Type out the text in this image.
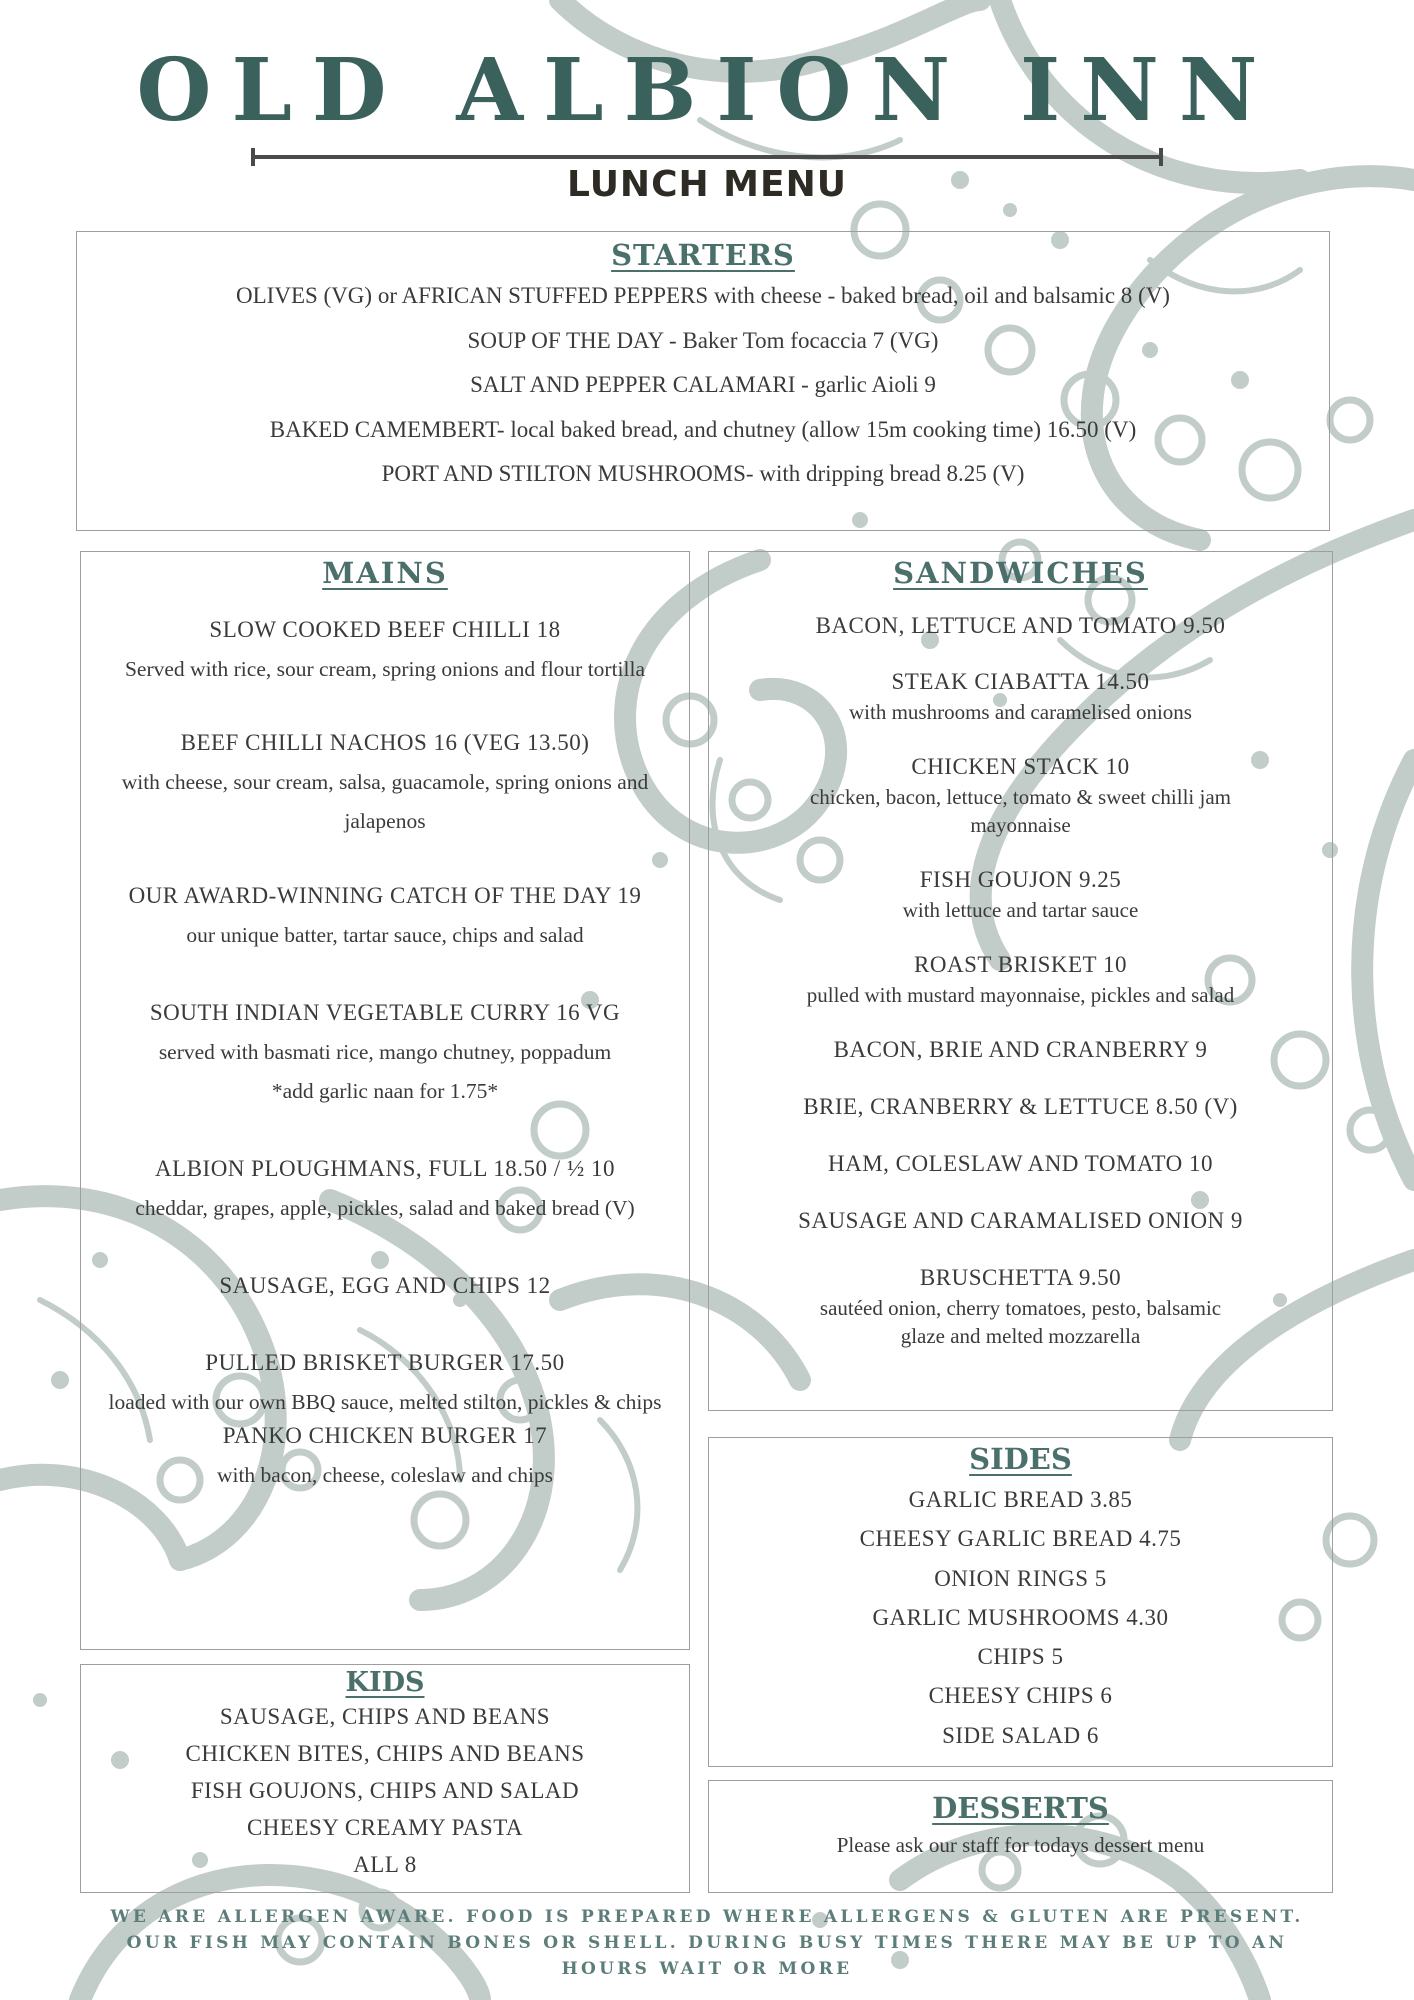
OLD ALBION INN
LUNCH MENU
STARTERS
OLIVES (VG) or AFRICAN STUFFED PEPPERS with cheese - baked bread, oil and balsamic 8 (V)
SOUP OF THE DAY - Baker Tom focaccia 7 (VG)
SALT AND PEPPER CALAMARI - garlic Aioli 9
BAKED CAMEMBERT- local baked bread, and chutney (allow 15m cooking time) 16.50 (V)
PORT AND STILTON MUSHROOMS- with dripping bread 8.25 (V)
MAINS
SLOW COOKED BEEF CHILLI 18
Served with rice, sour cream, spring onions and flour tortilla
BEEF CHILLI NACHOS 16 (VEG 13.50)
with cheese, sour cream, salsa, guacamole, spring onions and jalapenos
OUR AWARD-WINNING CATCH OF THE DAY 19
our unique batter, tartar sauce, chips and salad
SOUTH INDIAN VEGETABLE CURRY 16 VG
served with basmati rice, mango chutney, poppadum
*add garlic naan for 1.75*
ALBION PLOUGHMANS, FULL 18.50 / ½ 10
cheddar, grapes, apple, pickles, salad and baked bread (V)
SAUSAGE, EGG AND CHIPS 12
PULLED BRISKET BURGER 17.50
loaded with our own BBQ sauce, melted stilton, pickles & chips
PANKO CHICKEN BURGER 17
with bacon, cheese, coleslaw and chips
SANDWICHES
BACON, LETTUCE AND TOMATO 9.50
STEAK CIABATTA 14.50
with mushrooms and caramelised onions
CHICKEN STACK 10
chicken, bacon, lettuce, tomato & sweet chilli jam mayonnaise
FISH GOUJON 9.25
with lettuce and tartar sauce
ROAST BRISKET 10
pulled with mustard mayonnaise, pickles and salad
BACON, BRIE AND CRANBERRY 9
BRIE, CRANBERRY & LETTUCE 8.50 (V)
HAM, COLESLAW AND TOMATO 10
SAUSAGE AND CARAMALISED ONION 9
BRUSCHETTA 9.50
sautéed onion, cherry tomatoes, pesto, balsamic glaze and melted mozzarella
KIDS
SAUSAGE, CHIPS AND BEANS
CHICKEN BITES, CHIPS AND BEANS
FISH GOUJONS, CHIPS AND SALAD
CHEESY CREAMY PASTA
ALL 8
SIDES
GARLIC BREAD 3.85
CHEESY GARLIC BREAD 4.75
ONION RINGS 5
GARLIC MUSHROOMS 4.30
CHIPS 5
CHEESY CHIPS 6
SIDE SALAD 6
DESSERTS
Please ask our staff for todays dessert menu
WE ARE ALLERGEN AWARE. FOOD IS PREPARED WHERE ALLERGENS & GLUTEN ARE PRESENT. OUR FISH MAY CONTAIN BONES OR SHELL. DURING BUSY TIMES THERE MAY BE UP TO AN HOURS WAIT OR MORE
